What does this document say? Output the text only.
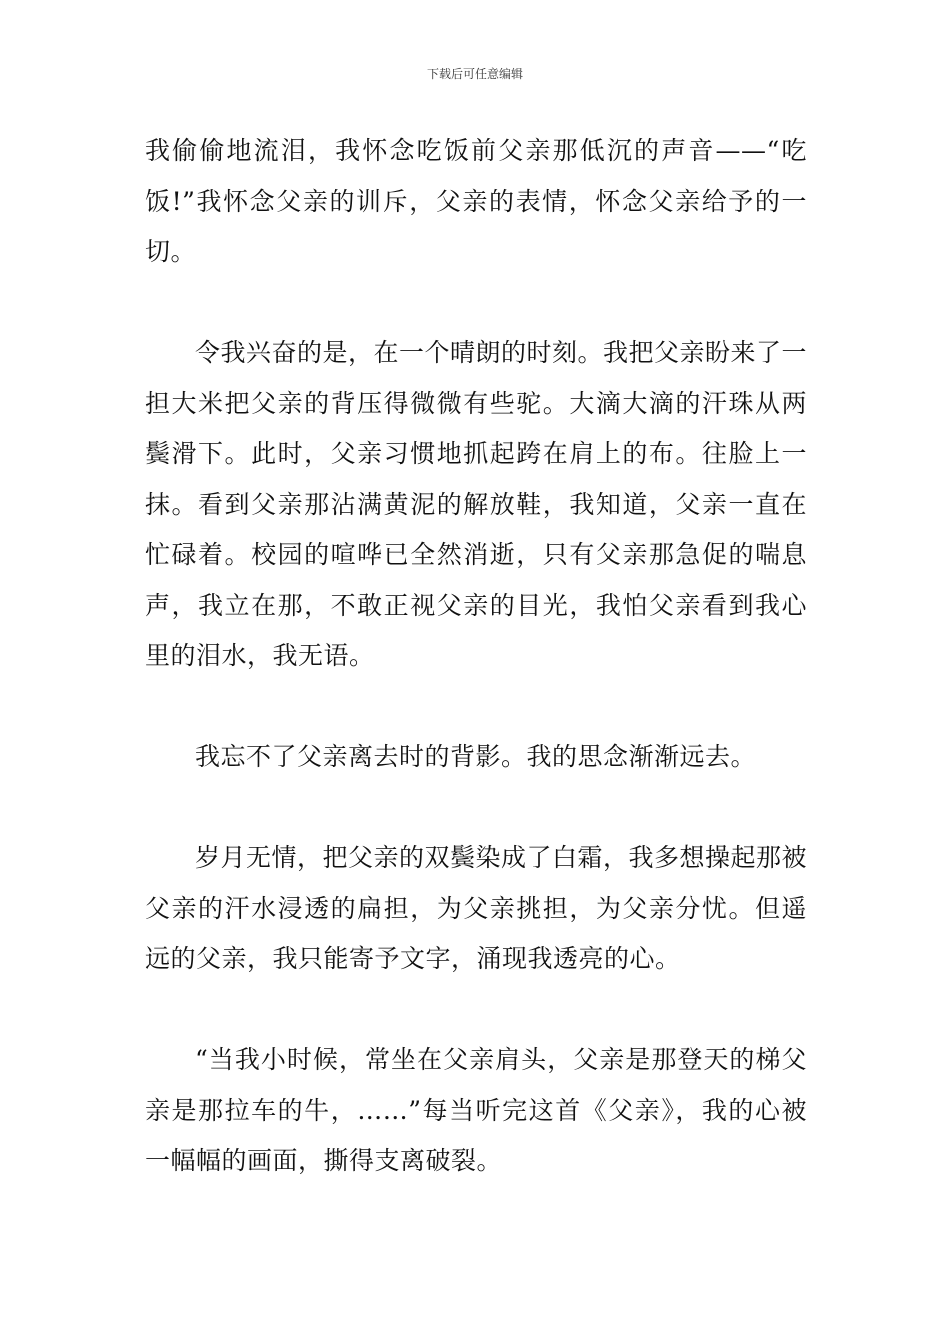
下载后可任意编辑

我偷偷地流泪，我怀念吃饭前父亲那低沉的声音——“吃饭!”我怀念父亲的训斥，父亲的表情，怀念父亲给予的一切。

令我兴奋的是，在一个晴朗的时刻。我把父亲盼来了一担大米把父亲的背压得微微有些驼。大滴大滴的汗珠从两鬓滑下。此时，父亲习惯地抓起跨在肩上的布。往脸上一抹。看到父亲那沾满黄泥的解放鞋，我知道，父亲一直在忙碌着。校园的喧哗已全然消逝，只有父亲那急促的喘息声，我立在那，不敢正视父亲的目光，我怕父亲看到我心里的泪水，我无语。

我忘不了父亲离去时的背影。我的思念渐渐远去。

岁月无情，把父亲的双鬓染成了白霜，我多想操起那被父亲的汗水浸透的扁担，为父亲挑担，为父亲分忧。但遥远的父亲，我只能寄予文字，涌现我透亮的心。

“当我小时候，常坐在父亲肩头，父亲是那登天的梯父亲是那拉车的牛，……”每当听完这首《父亲》，我的心被一幅幅的画面，撕得支离破裂。
